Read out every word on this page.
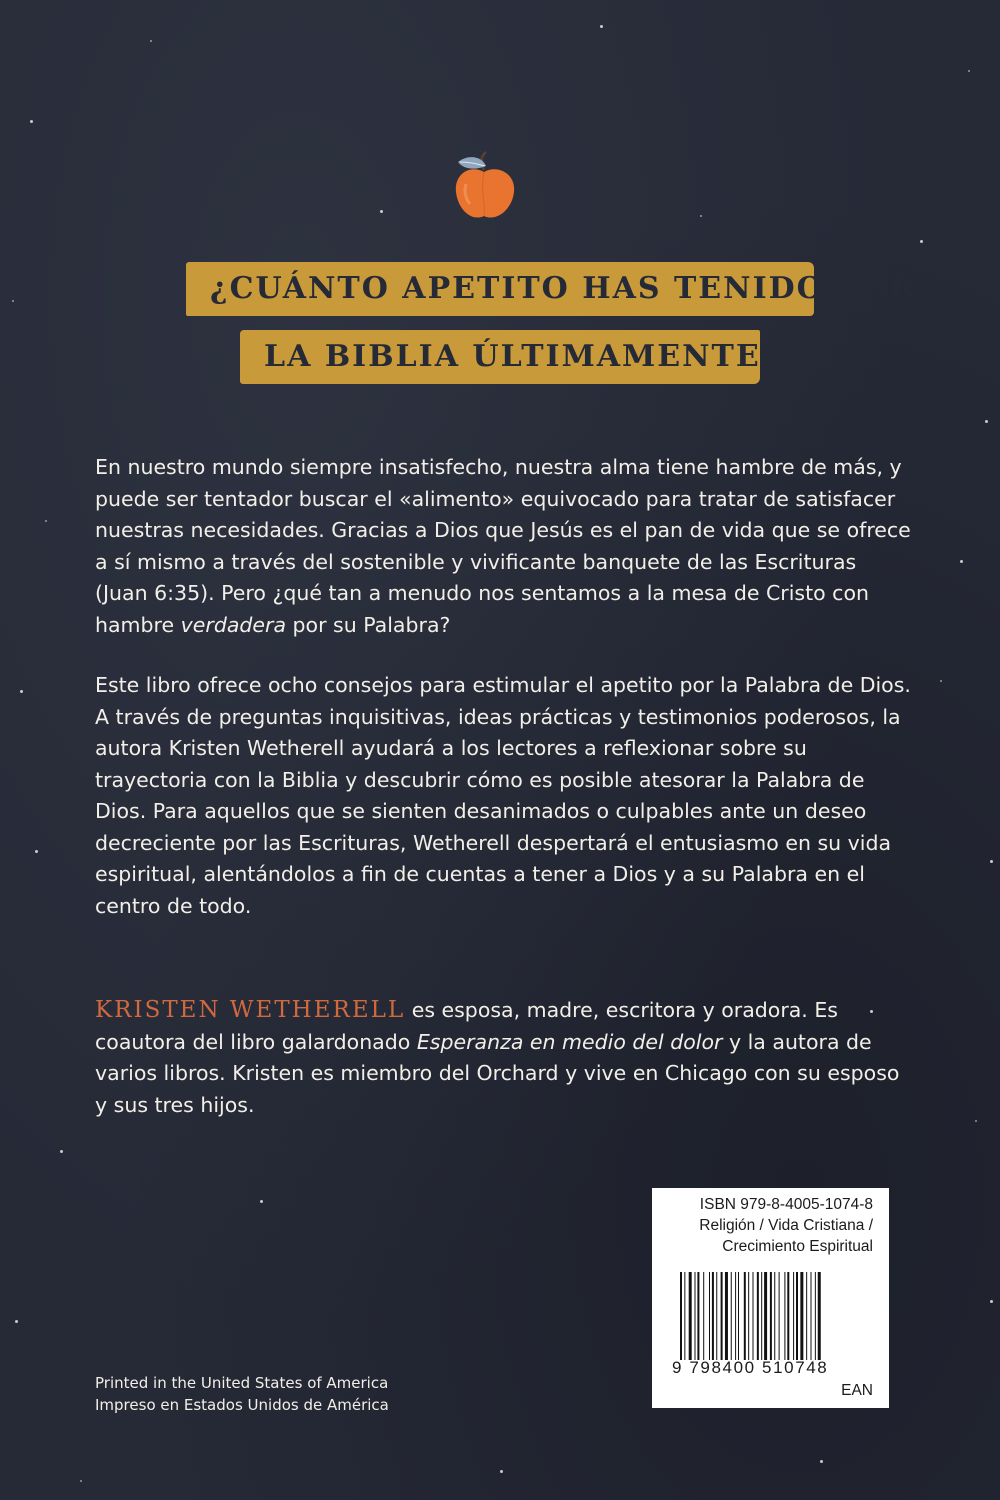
¿CUÁNTO APETITO HAS TENIDO POR
LA BIBLIA ÚLTIMAMENTE?

En nuestro mundo siempre insatisfecho, nuestra alma tiene hambre de más, y puede ser tentador buscar el «alimento» equivocado para tratar de satisfacer nuestras necesidades. Gracias a Dios que Jesús es el pan de vida que se ofrece a sí mismo a través del sostenible y vivificante banquete de las Escrituras (Juan 6:35). Pero ¿qué tan a menudo nos sentamos a la mesa de Cristo con hambre verdadera por su Palabra?

Este libro ofrece ocho consejos para estimular el apetito por la Palabra de Dios. A través de preguntas inquisitivas, ideas prácticas y testimonios poderosos, la autora Kristen Wetherell ayudará a los lectores a reflexionar sobre su trayectoria con la Biblia y descubrir cómo es posible atesorar la Palabra de Dios. Para aquellos que se sienten desanimados o culpables ante un deseo decreciente por las Escrituras, Wetherell despertará el entusiasmo en su vida espiritual, alentándolos a fin de cuentas a tener a Dios y a su Palabra en el centro de todo.

KRISTEN WETHERELL es esposa, madre, escritora y oradora. Es coautora del libro galardonado Esperanza en medio del dolor y la autora de varios libros. Kristen es miembro del Orchard y vive en Chicago con su esposo y sus tres hijos.

ISBN 979-8-4005-1074-8
Religión / Vida Cristiana /
Crecimiento Espiritual
9 798400 510748
EAN
Printed in the United States of America
Impreso en Estados Unidos de América
